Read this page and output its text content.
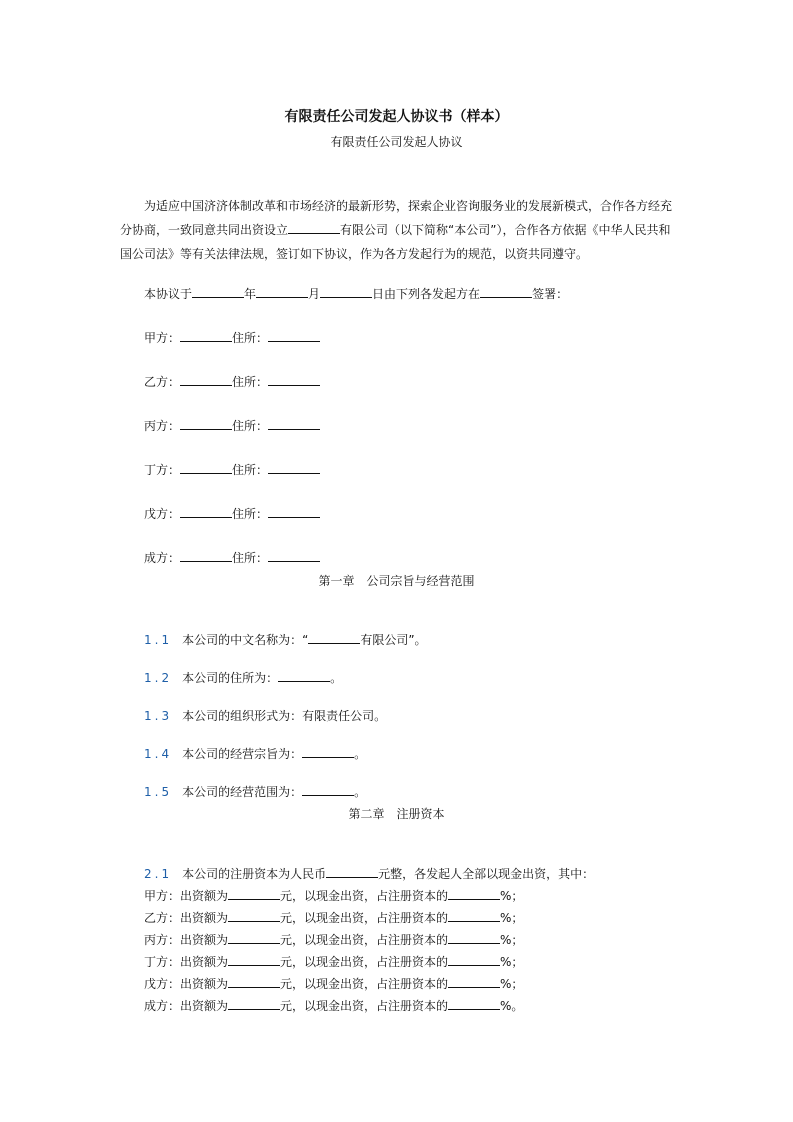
有限责任公司发起人协议书（样本）
有限责任公司发起人协议
为适应中国济济体制改革和市场经济的最新形势，探索企业咨询服务业的发展新模式，合作各方经充分协商，一致同意共同出资设立	有限公司（以下简称“本公司”），合作各方依据《中华人民共和国公司法》等有关法律法规，签订如下协议，作为各方发起行为的规范，以资共同遵守。
本协议于	年	月	日由下列各发起方在	签署：
甲方：	住所：
乙方：	住所：
丙方：	住所：
丁方：	住所：
戊方：	住所：
成方：	住所：
第一章 公司宗旨与经营范围
1.1 本公司的中文名称为：“	有限公司”。
1.2 本公司的住所为：	。
1.3 本公司的组织形式为：有限责任公司。
1.4 本公司的经营宗旨为：	。
1.5 本公司的经营范围为：	。
第二章 注册资本
2.1 本公司的注册资本为人民币	元整，各发起人全部以现金出资，其中：
甲方：出资额为	元，以现金出资，占注册资本的	%；
乙方：出资额为	元，以现金出资，占注册资本的	%；
丙方：出资额为	元，以现金出资，占注册资本的	%；
丁方：出资额为	元，以现金出资，占注册资本的	%；
戊方：出资额为	元，以现金出资，占注册资本的	%；
成方：出资额为	元，以现金出资，占注册资本的	%。
